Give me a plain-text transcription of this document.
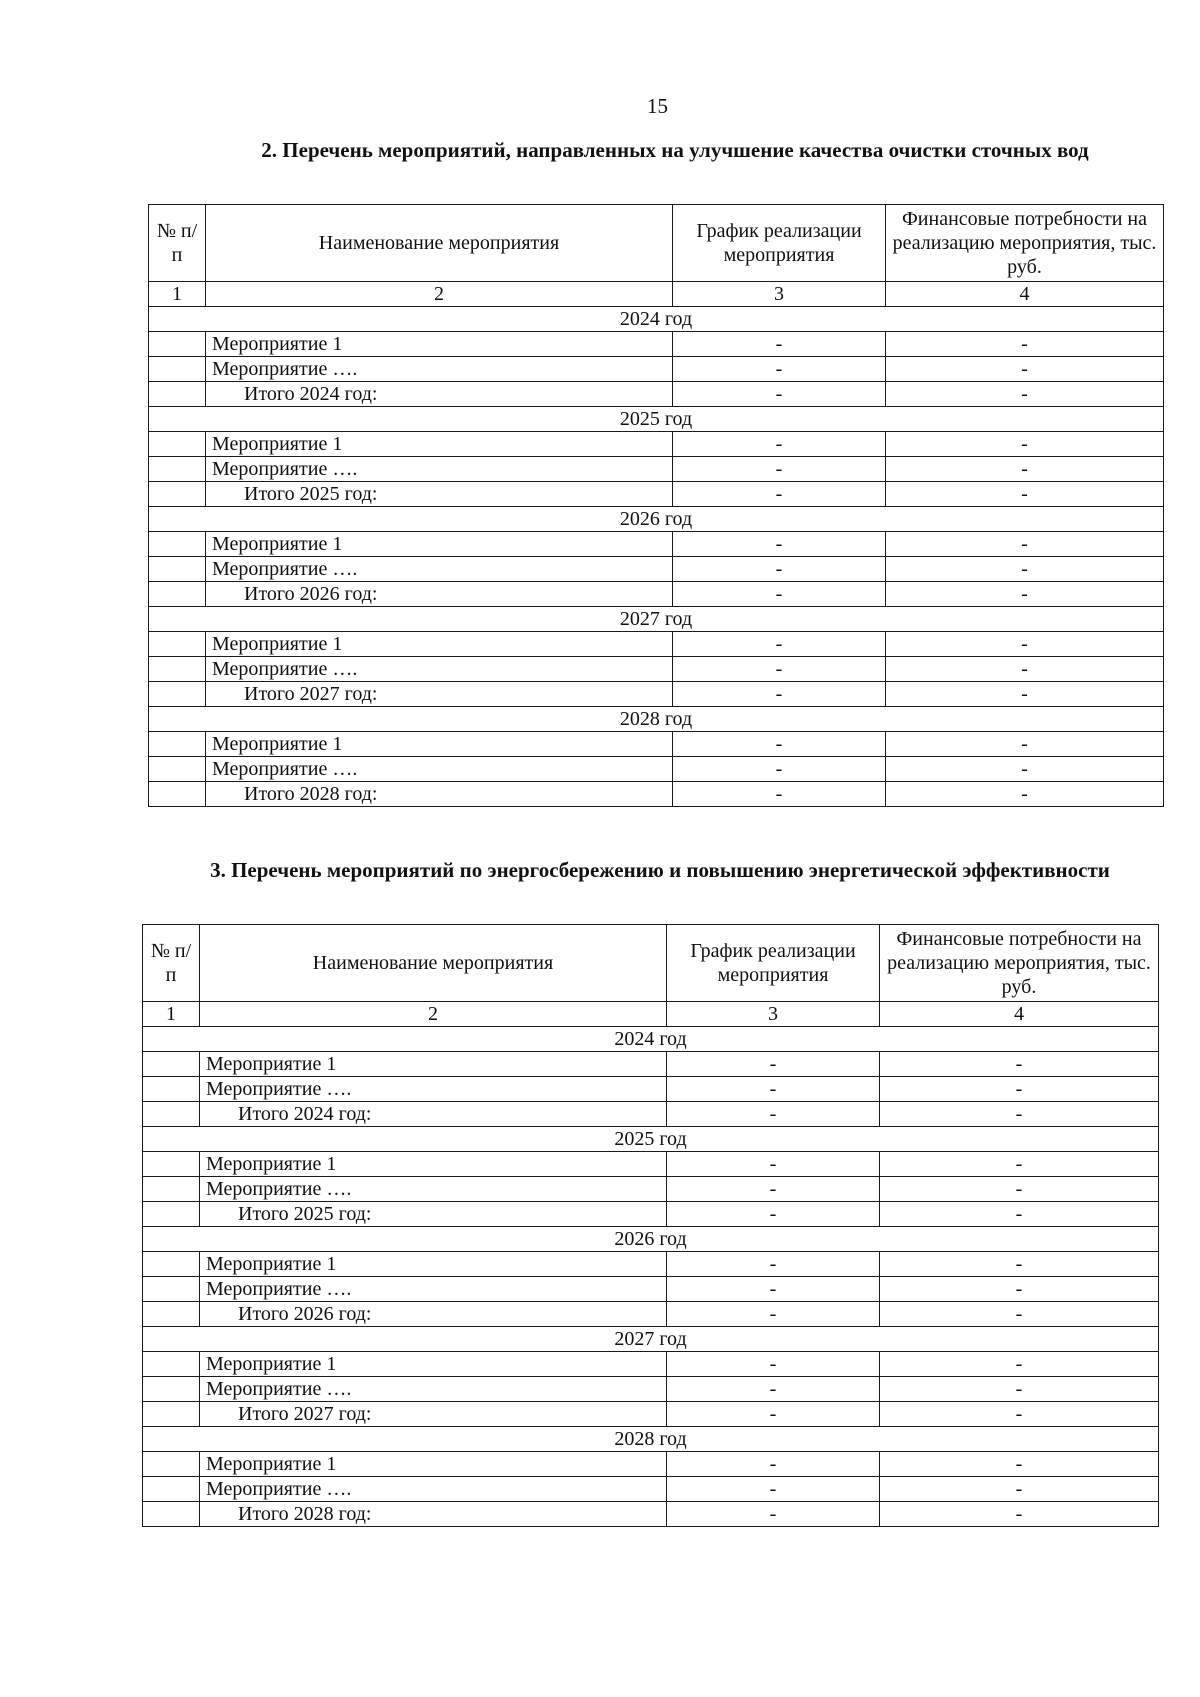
15
2. Перечень мероприятий, направленных на улучшение качества очистки сточных вод
№ п/п	Наименование мероприятия	График реализации мероприятия	Финансовые потребности на реализацию мероприятия, тыс. руб.
1	2	3	4
2024 год			
	Мероприятие 1	-	-
	Мероприятие ….	-	-
	Итого 2024 год:	-	-
2025 год			
	Мероприятие 1	-	-
	Мероприятие ….	-	-
	Итого 2025 год:	-	-
2026 год			
	Мероприятие 1	-	-
	Мероприятие ….	-	-
	Итого 2026 год:	-	-
2027 год			
	Мероприятие 1	-	-
	Мероприятие ….	-	-
	Итого 2027 год:	-	-
2028 год			
	Мероприятие 1	-	-
	Мероприятие ….	-	-
	Итого 2028 год:	-	-
3. Перечень мероприятий по энергосбережению и повышению энергетической эффективности
№ п/п	Наименование мероприятия	График реализации мероприятия	Финансовые потребности на реализацию мероприятия, тыс. руб.
1	2	3	4
2024 год			
	Мероприятие 1	-	-
	Мероприятие ….	-	-
	Итого 2024 год:	-	-
2025 год			
	Мероприятие 1	-	-
	Мероприятие ….	-	-
	Итого 2025 год:	-	-
2026 год			
	Мероприятие 1	-	-
	Мероприятие ….	-	-
	Итого 2026 год:	-	-
2027 год			
	Мероприятие 1	-	-
	Мероприятие ….	-	-
	Итого 2027 год:	-	-
2028 год			
	Мероприятие 1	-	-
	Мероприятие ….	-	-
	Итого 2028 год:	-	-
